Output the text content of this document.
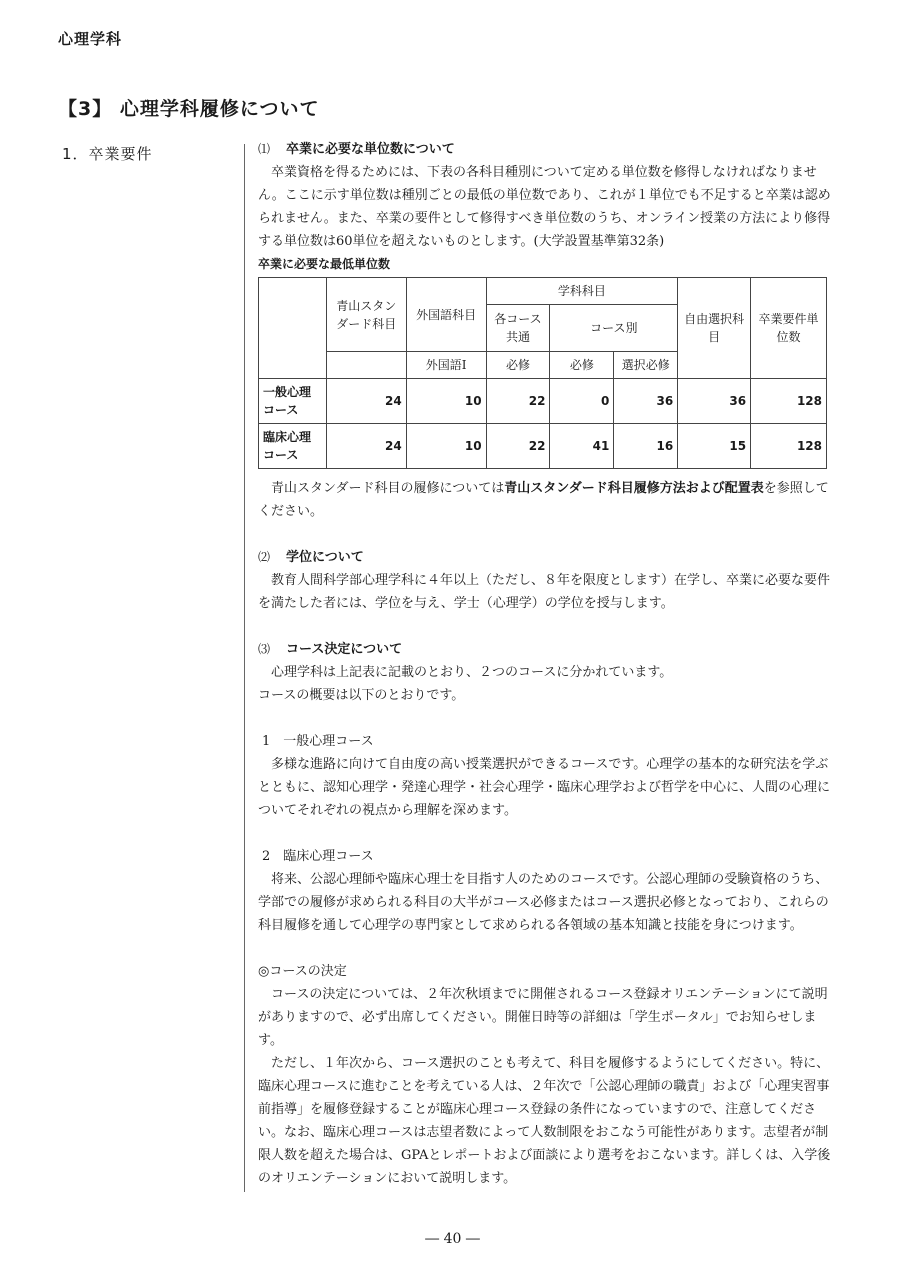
心理学科
【3】 心理学科履修について
1．卒業要件	⑴ 卒業に必要な単位数について

卒業資格を得るためには、下表の各科目種別について定める単位数を修得しなければなりません。ここに示す単位数は種別ごとの最低の単位数であり、これが１単位でも不足すると卒業は認められません。また、卒業の要件として修得すべき単位数のうち、オンライン授業の方法により修得する単位数は60単位を超えないものとします。(大学設置基準第32条)

卒業に必要な最低単位数
	青山スタンダード科目	外国語科目	学科科目			自由選択科目	卒業要件単位数
			各コース共通	コース別			
		外国語Ⅰ	必修	必修	選択必修		
一般心理コース	24	10	22	0	36	36	128
臨床心理コース	24	10	22	41	16	15	128

青山スタンダード科目の履修については青山スタンダード科目履修方法および配置表を参照してください。

⑵ 学位について

教育人間科学部心理学科に４年以上（ただし、８年を限度とします）在学し、卒業に必要な要件を満たした者には、学位を与え、学士（心理学）の学位を授与します。

⑶ コース決定について

心理学科は上記表に記載のとおり、２つのコースに分かれています。

コースの概要は以下のとおりです。

1　 一般心理コース

多様な進路に向けて自由度の高い授業選択ができるコースです。心理学の基本的な研究法を学ぶとともに、認知心理学・発達心理学・社会心理学・臨床心理学および哲学を中心に、人間の心理についてそれぞれの視点から理解を深めます。

2　 臨床心理コース

将来、公認心理師や臨床心理士を目指す人のためのコースです。公認心理師の受験資格のうち、学部での履修が求められる科目の大半がコース必修またはコース選択必修となっており、これらの科目履修を通して心理学の専門家として求められる各領域の基本知識と技能を身につけます。

◎コースの決定

コースの決定については、２年次秋頃までに開催されるコース登録オリエンテーションにて説明がありますので、必ず出席してください。開催日時等の詳細は「学生ポータル」でお知らせします。

ただし、１年次から、コース選択のことも考えて、科目を履修するようにしてください。特に、臨床心理コースに進むことを考えている人は、２年次で「公認心理師の職責」および「心理実習事前指導」を履修登録することが臨床心理コース登録の条件になっていますので、注意してください。なお、臨床心理コースは志望者数によって人数制限をおこなう可能性があります。志望者が制限人数を超えた場合は、GPAとレポートおよび面談により選考をおこないます。詳しくは、入学後のオリエンテーションにおいて説明します。

― 40 ―
